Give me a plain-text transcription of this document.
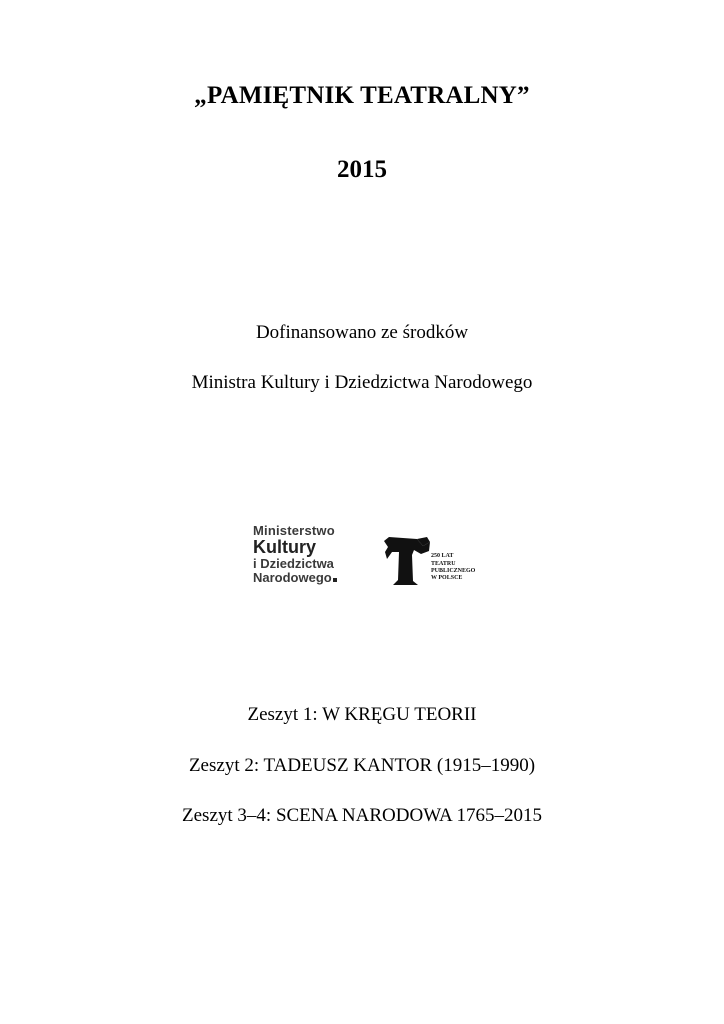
„PAMIĘTNIK TEATRALNY”
2015
Dofinansowano ze środków
Ministra Kultury i Dziedzictwa Narodowego
Ministerstwo
Kultury
i Dziedzictwa
Narodowego
250 LAT
TEATRU
PUBLICZNEGO
W POLSCE
Zeszyt 1: W KRĘGU TEORII
Zeszyt 2: TADEUSZ KANTOR (1915–1990)
Zeszyt 3–4: SCENA NARODOWA 1765–2015
